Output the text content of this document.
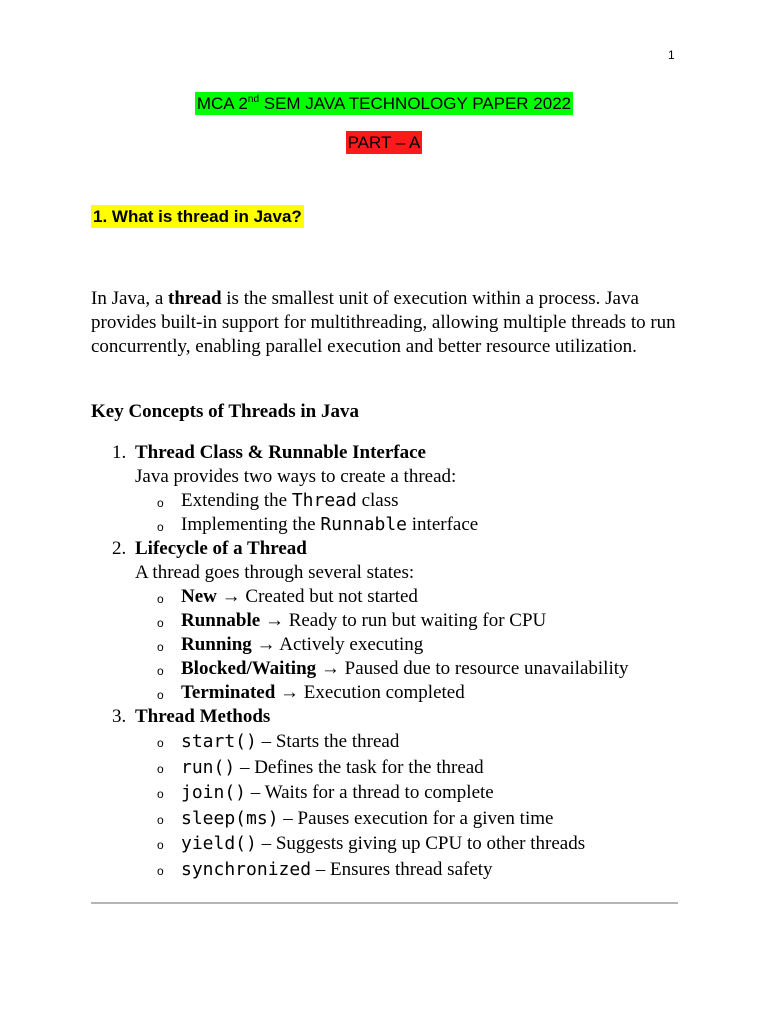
1
MCA 2nd SEM JAVA TECHNOLOGY PAPER 2022
PART – A
1. What is thread in Java?

In Java, a thread is the smallest unit of execution within a process. Java provides built-in support for multithreading, allowing multiple threads to run concurrently, enabling parallel execution and better resource utilization.

Key Concepts of Threads in Java
1. Thread Class & Runnable Interface
Java provides two ways to create a thread:
o Extending the Thread class
o Implementing the Runnable interface
2. Lifecycle of a Thread
A thread goes through several states:
o New → Created but not started
o Runnable → Ready to run but waiting for CPU
o Running → Actively executing
o Blocked/Waiting → Paused due to resource unavailability
o Terminated → Execution completed
3. Thread Methods
o start() – Starts the thread
o run() – Defines the task for the thread
o join() – Waits for a thread to complete
o sleep(ms) – Pauses execution for a given time
o yield() – Suggests giving up CPU to other threads
o synchronized – Ensures thread safety
